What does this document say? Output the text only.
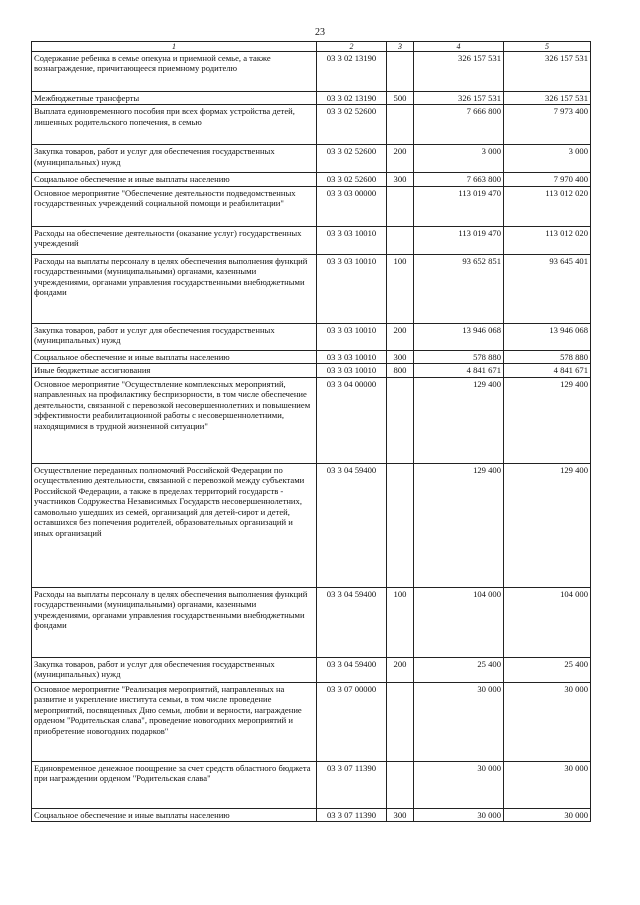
23
1	2	3	4	5
Содержание ребенка в семье опекуна и приемной семье, а также вознаграждение, причитающееся приемному родителю	03 3 02 13190		326 157 531	326 157 531
Межбюджетные трансферты	03 3 02 13190	500	326 157 531	326 157 531
Выплата единовременного пособия при всех формах устройства детей, лишенных родительского попечения, в семью	03 3 02 52600		7 666 800	7 973 400
Закупка товаров, работ и услуг для обеспечения государственных (муниципальных) нужд	03 3 02 52600	200	3 000	3 000
Социальное обеспечение и иные выплаты населению	03 3 02 52600	300	7 663 800	7 970 400
Основное мероприятие "Обеспечение деятельности подведомственных государственных учреждений социальной помощи и реабилитации"	03 3 03 00000		113 019 470	113 012 020
Расходы на обеспечение деятельности (оказание услуг) государственных учреждений	03 3 03 10010		113 019 470	113 012 020
Расходы на выплаты персоналу в целях обеспечения выполнения функций государственными (муниципальными) органами, казенными учреждениями, органами управления государственными внебюджетными фондами	03 3 03 10010	100	93 652 851	93 645 401
Закупка товаров, работ и услуг для обеспечения государственных (муниципальных) нужд	03 3 03 10010	200	13 946 068	13 946 068
Социальное обеспечение и иные выплаты населению	03 3 03 10010	300	578 880	578 880
Иные бюджетные ассигнования	03 3 03 10010	800	4 841 671	4 841 671
Основное мероприятие "Осуществление комплексных мероприятий, направленных на профилактику беспризорности, в том числе обеспечение деятельности, связанной с перевозкой несовершеннолетних и повышением эффективности реабилитационной работы с несовершеннолетними, находящимися в трудной жизненной ситуации"	03 3 04 00000		129 400	129 400
Осуществление переданных полномочий Российской Федерации по осуществлению деятельности, связанной с перевозкой между субъектами Российской Федерации, а также в пределах территорий государств - участников Содружества Независимых Государств несовершеннолетних, самовольно ушедших из семей, организаций для детей-сирот и детей, оставшихся без попечения родителей, образовательных организаций и иных организаций	03 3 04 59400		129 400	129 400
Расходы на выплаты персоналу в целях обеспечения выполнения функций государственными (муниципальными) органами, казенными учреждениями, органами управления государственными внебюджетными фондами	03 3 04 59400	100	104 000	104 000
Закупка товаров, работ и услуг для обеспечения государственных (муниципальных) нужд	03 3 04 59400	200	25 400	25 400
Основное мероприятие "Реализация мероприятий, направленных на развитие и укрепление института семьи, в том числе проведение мероприятий, посвященных Дню семьи, любви и верности, награждение орденом "Родительская слава", проведение новогодних мероприятий и приобретение новогодних подарков"	03 3 07 00000		30 000	30 000
Единовременное денежное поощрение за счет средств областного бюджета при награждении орденом "Родительская слава"	03 3 07 11390		30 000	30 000
Социальное обеспечение и иные выплаты населению	03 3 07 11390	300	30 000	30 000
